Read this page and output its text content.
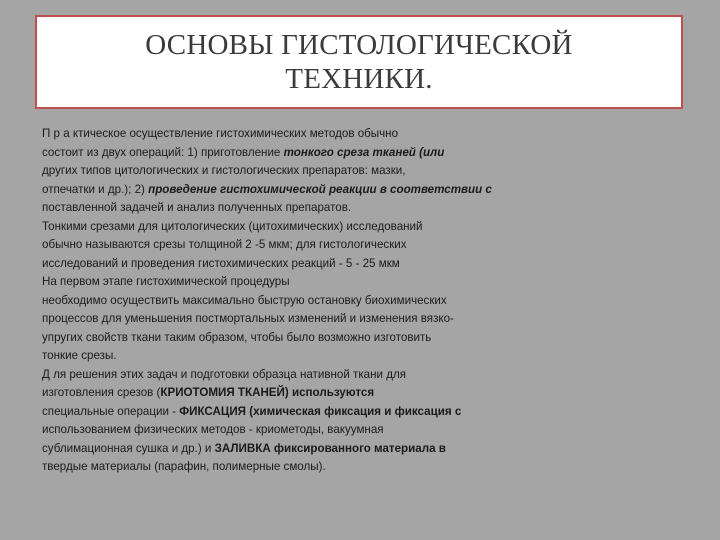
ОСНОВЫ ГИСТОЛОГИЧЕСКОЙ
ТЕХНИКИ.
П р а ктическое осуществление гистохимических методов обычно
состоит из двух операций: 1) приготовление тонкого среза тканей (или
других типов цитологических и гистологических препаратов: мазки,
отпечатки и др.); 2) проведение гистохимической реакции в соответствии с
поставленной задачей и анализ полученных препаратов.
Тонкими срезами для цитологических (цитохимических) исследований
обычно называются срезы толщиной 2 -5 мкм; для гистологических
исследований и проведения гистохимических реакций - 5 - 25 мкм
На первом этапе гистохимической процедуры
необходимо осуществить максимально быструю остановку биохимических
процессов для уменьшения постмортальных изменений и изменения вязко-
упругих свойств ткани таким образом, чтобы было возможно изготовить
тонкие срезы.
Д ля решения этих задач и подготовки образца нативной ткани для
изготовления срезов (КРИОТОМИЯ ТКАНЕЙ) используются
специальные операции - ФИКСАЦИЯ (химическая фиксация и фиксация с
использованием физических методов - криометоды, вакуумная
сублимационная сушка и др.) и ЗАЛИВКА фиксированного материала в
твердые материалы (парафин, полимерные смолы).
